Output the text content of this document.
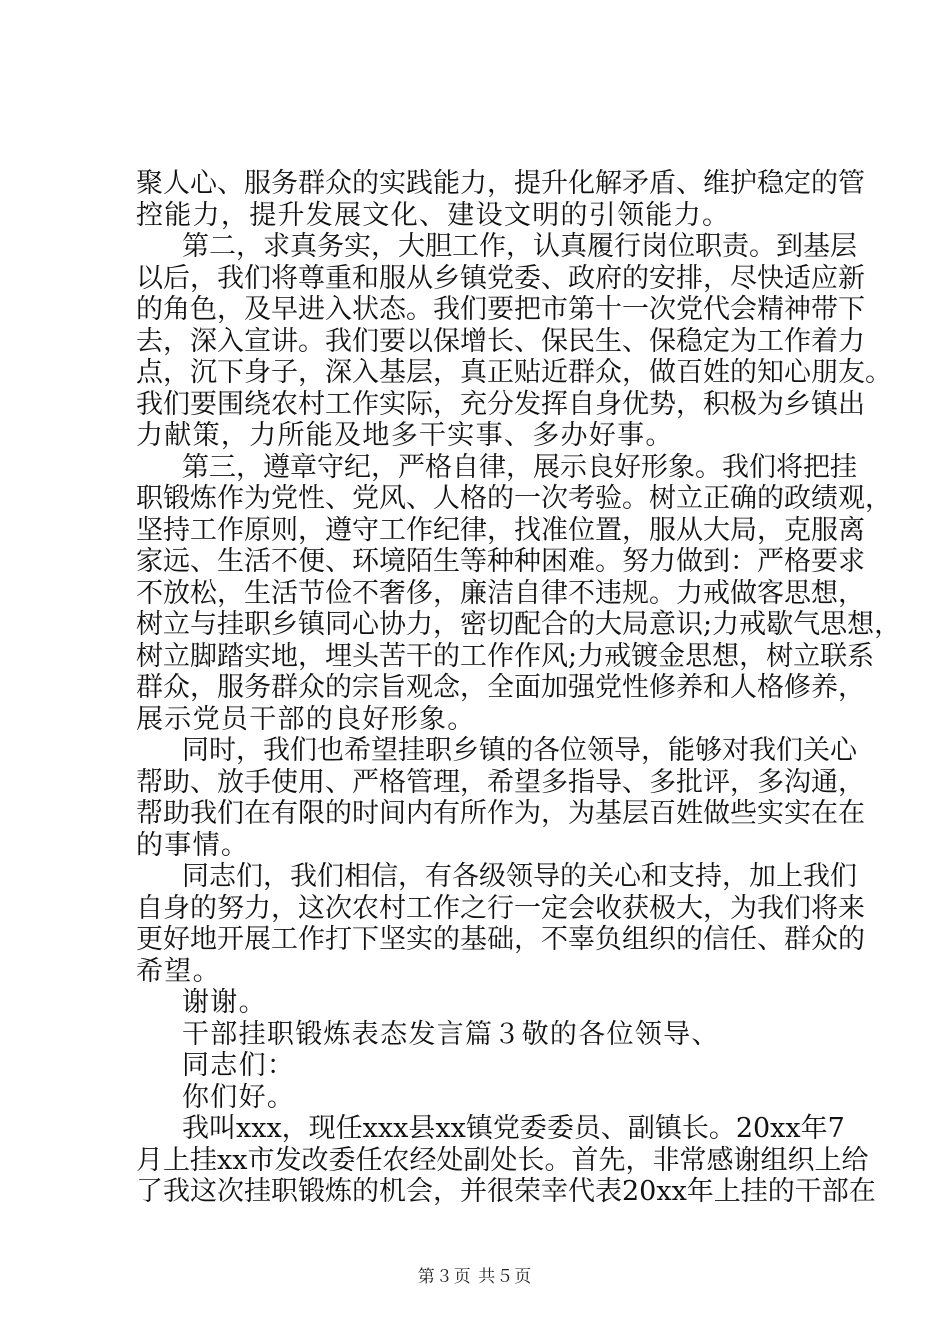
聚人心、服务群众的实践能力，提升化解矛盾、维护稳定的管
控能力，提升发展文化、建设文明的引领能力。
第二，求真务实，大胆工作，认真履行岗位职责。到基层
以后，我们将尊重和服从乡镇党委、政府的安排，尽快适应新
的角色，及早进入状态。我们要把市第十一次党代会精神带下
去，深入宣讲。我们要以保增长、保民生、保稳定为工作着力
点，沉下身子，深入基层，真正贴近群众，做百姓的知心朋友。
我们要围绕农村工作实际，充分发挥自身优势，积极为乡镇出
力献策，力所能及地多干实事、多办好事。
第三，遵章守纪，严格自律，展示良好形象。我们将把挂
职锻炼作为党性、党风、人格的一次考验。树立正确的政绩观，
坚持工作原则，遵守工作纪律，找准位置，服从大局，克服离
家远、生活不便、环境陌生等种种困难。努力做到：严格要求
不放松，生活节俭不奢侈，廉洁自律不违规。力戒做客思想，
树立与挂职乡镇同心协力，密切配合的大局意识;力戒歇气思想，
树立脚踏实地，埋头苦干的工作作风;力戒镀金思想，树立联系
群众，服务群众的宗旨观念，全面加强党性修养和人格修养，
展示党员干部的良好形象。
同时，我们也希望挂职乡镇的各位领导，能够对我们关心
帮助、放手使用、严格管理，希望多指导、多批评，多沟通，
帮助我们在有限的时间内有所作为，为基层百姓做些实实在在
的事情。
同志们，我们相信，有各级领导的关心和支持，加上我们
自身的努力，这次农村工作之行一定会收获极大，为我们将来
更好地开展工作打下坚实的基础，不辜负组织的信任、群众的
希望。
谢谢。
干部挂职锻炼表态发言篇３敬的各位领导、
同志们：
你们好。
我叫xxx，现任xxx县xx镇党委委员、副镇长。20xx年7
月上挂xx市发改委任农经处副处长。首先，非常感谢组织上给
了我这次挂职锻炼的机会，并很荣幸代表20xx年上挂的干部在
第３页 共５页
